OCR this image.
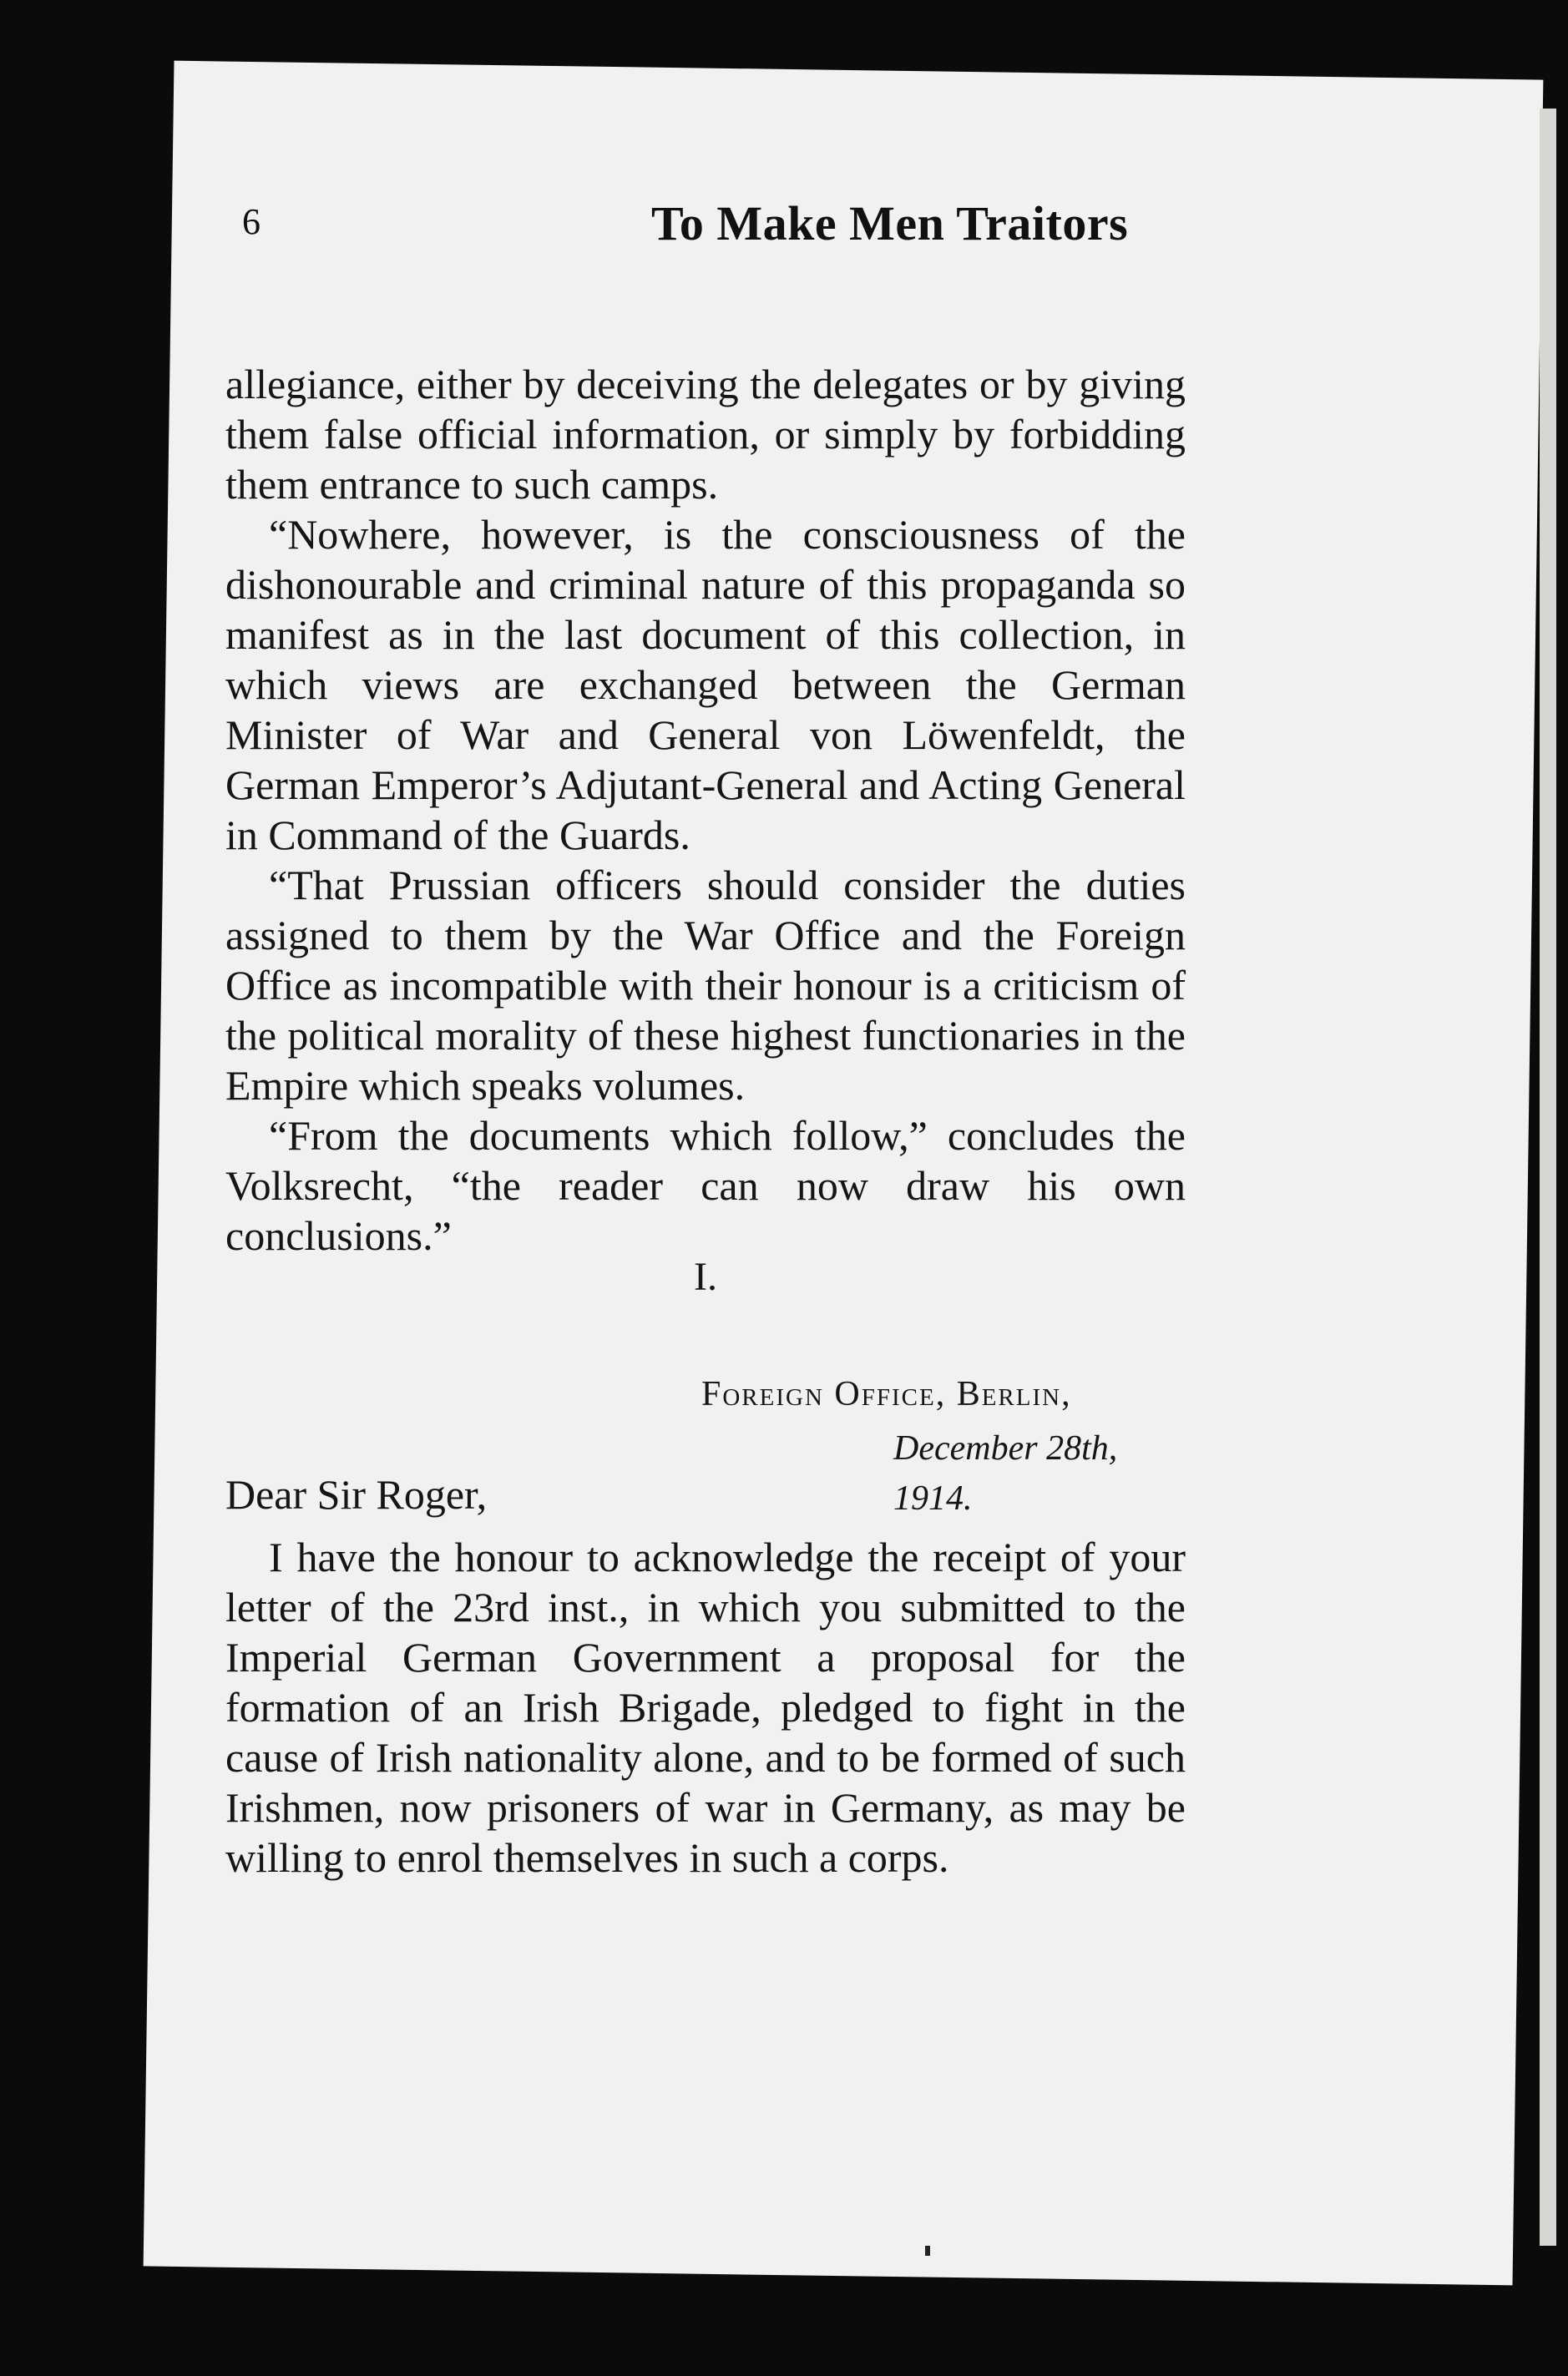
6	To Make Men Traitors

allegiance, either by deceiving the delegates or by giving them false official information, or simply by forbidding them entrance to such camps.

“Nowhere, however, is the consciousness of the dishonourable and criminal nature of this propaganda so manifest as in the last document of this collection, in which views are exchanged between the German Minister of War and General von Löwenfeldt, the German Emperor’s Adjutant-General and Acting General in Command of the Guards.

“That Prussian officers should consider the duties assigned to them by the War Office and the Foreign Office as incompatible with their honour is a criticism of the political morality of these highest functionaries in the Empire which speaks volumes.

“From the documents which follow,” concludes the Volksrecht, “the reader can now draw his own conclusions.”

I.
Foreign Office, Berlin,
December 28th, 1914.
Dear Sir Roger,

I have the honour to acknowledge the receipt of your letter of the 23rd inst., in which you submitted to the Imperial German Government a proposal for the formation of an Irish Brigade, pledged to fight in the cause of Irish nationality alone, and to be formed of such Irishmen, now prisoners of war in Germany, as may be willing to enrol themselves in such a corps.
